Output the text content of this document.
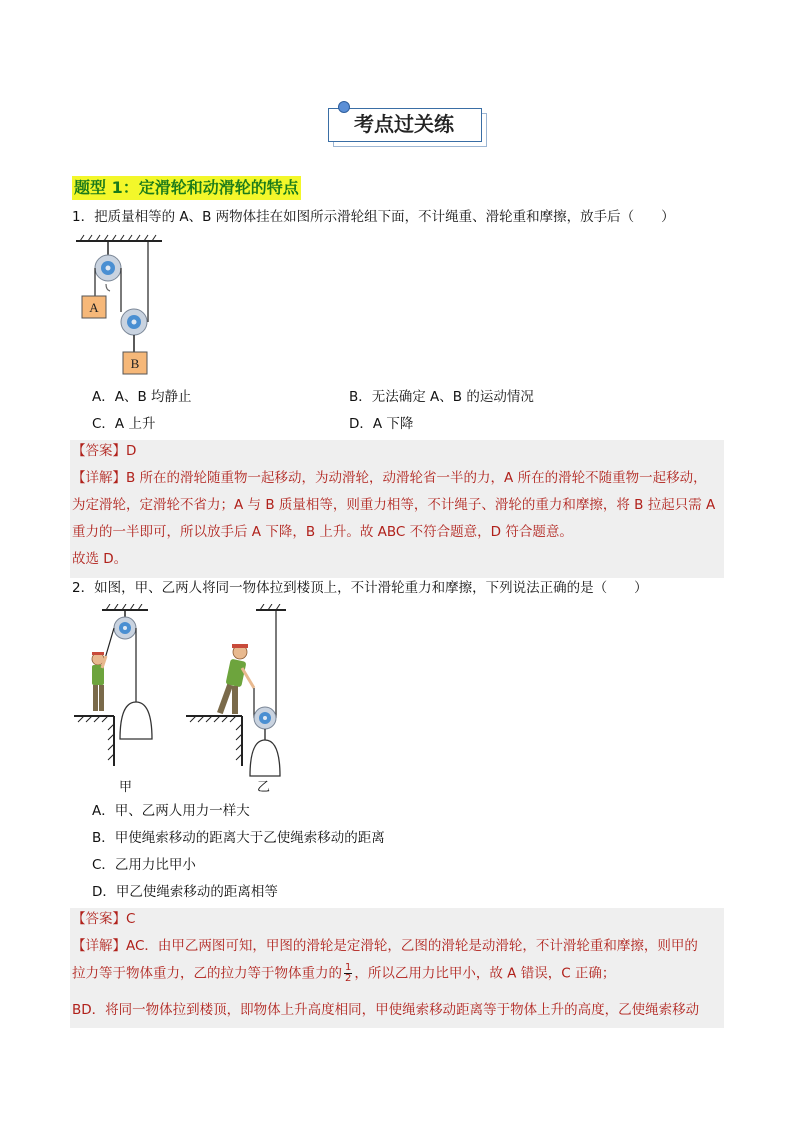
考点过关练
题型 1：定滑轮和动滑轮的特点
1．把质量相等的 A、B 两物体挂在如图所示滑轮组下面，不计绳重、滑轮重和摩擦，放手后（　　）
A
B
A．A、B 均静止	B．无法确定 A、B 的运动情况
C．A 上升	D．A 下降
【答案】D
【详解】B 所在的滑轮随重物一起移动，为动滑轮，动滑轮省一半的力，A 所在的滑轮不随重物一起移动，
为定滑轮，定滑轮不省力；A 与 B 质量相等，则重力相等，不计绳子、滑轮的重力和摩擦，将 B 拉起只需 A
重力的一半即可，所以放手后 A 下降，B 上升。故 ABC 不符合题意，D 符合题意。
故选 D。
2．如图，甲、乙两人将同一物体拉到楼顶上，不计滑轮重力和摩擦，下列说法正确的是（　　）
甲	乙
A．甲、乙两人用力一样大
B．甲使绳索移动的距离大于乙使绳索移动的距离
C．乙用力比甲小
D．甲乙使绳索移动的距离相等
【答案】C
【详解】AC．由甲乙两图可知，甲图的滑轮是定滑轮，乙图的滑轮是动滑轮，不计滑轮重和摩擦，则甲的
拉力等于物体重力，乙的拉力等于物体重力的 $\frac{1}{2}$ ，所以乙用力比甲小，故 A 错误，C 正确；
BD．将同一物体拉到楼顶，即物体上升高度相同，甲使绳索移动距离等于物体上升的高度，乙使绳索移动
